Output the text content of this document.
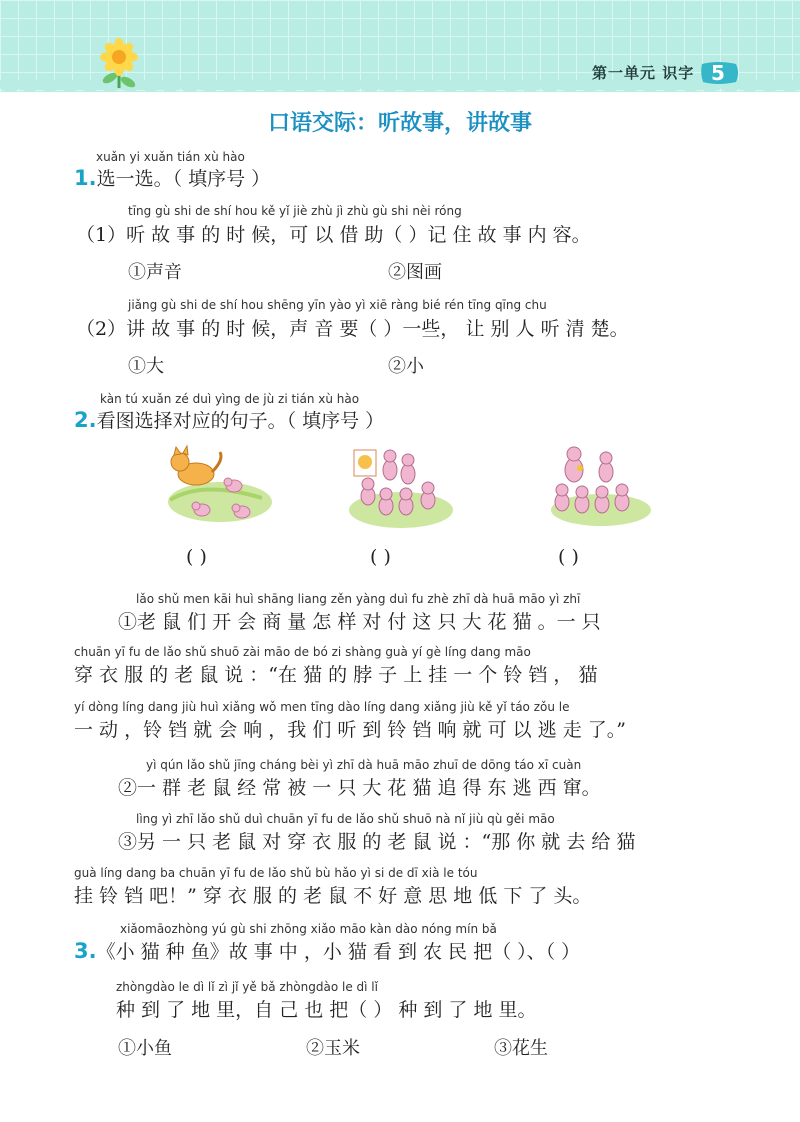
第一单元 识字 5
口语交际：听故事，讲故事
xuǎn yi xuǎn tián xù hào
1.选一选。（ 填序号 ）
tīng gù shi de shí hou kě yǐ jiè zhù jì zhù gù shi nèi róng
（1）听 故 事 的 时 候，可 以 借 助（ ）记 住 故 事 内 容。
①声音	②图画
jiǎng gù shi de shí hou shēng yīn yào yì xiē ràng bié rén tīng qīng chu
（2）讲 故 事 的 时 候，声 音 要（ ）一些， 让 别 人 听 清 楚。
①大	②小
kàn tú xuǎn zé duì yìng de jù zi tián xù hào
2.看图选择对应的句子。（ 填序号 ）
( )	( )	( )
lǎo shǔ men kāi huì shāng liang zěn yàng duì fu zhè zhī dà huā māo yì zhī
①老 鼠 们 开 会 商 量 怎 样 对 付 这 只 大 花 猫 。一 只
chuān yī fu de lǎo shǔ shuō zài māo de bó zi shàng guà yí gè líng dang māo
穿 衣 服 的 老 鼠 说 ：“在 猫 的 脖 子 上 挂 一 个 铃 铛 ， 猫
yí dòng líng dang jiù huì xiǎng wǒ men tīng dào líng dang xiǎng jiù kě yǐ táo zǒu le
一 动 ，铃 铛 就 会 响 ，我 们 听 到 铃 铛 响 就 可 以 逃 走 了。”
yì qún lǎo shǔ jīng cháng bèi yì zhī dà huā māo zhuī de dōng táo xī cuàn
②一 群 老 鼠 经 常 被 一 只 大 花 猫 追 得 东 逃 西 窜。
lìng yì zhī lǎo shǔ duì chuān yī fu de lǎo shǔ shuō nà nǐ jiù qù gěi māo
③另 一 只 老 鼠 对 穿 衣 服 的 老 鼠 说 ：“那 你 就 去 给 猫
guà líng dang ba chuān yī fu de lǎo shǔ bù hǎo yì si de dī xià le tóu
挂 铃 铛 吧！” 穿 衣 服 的 老 鼠 不 好 意 思 地 低 下 了 头。
xiǎomāozhòng yú gù shi zhōng xiǎo māo kàn dào nóng mín bǎ
3.《小 猫 种 鱼》故 事 中 ，小 猫 看 到 农 民 把（ ）、（ ）
zhòngdào le dì lǐ zì jǐ yě bǎ zhòngdào le dì lǐ
种 到 了 地 里，自 己 也 把（ ） 种 到 了 地 里。
①小鱼	②玉米	③花生
